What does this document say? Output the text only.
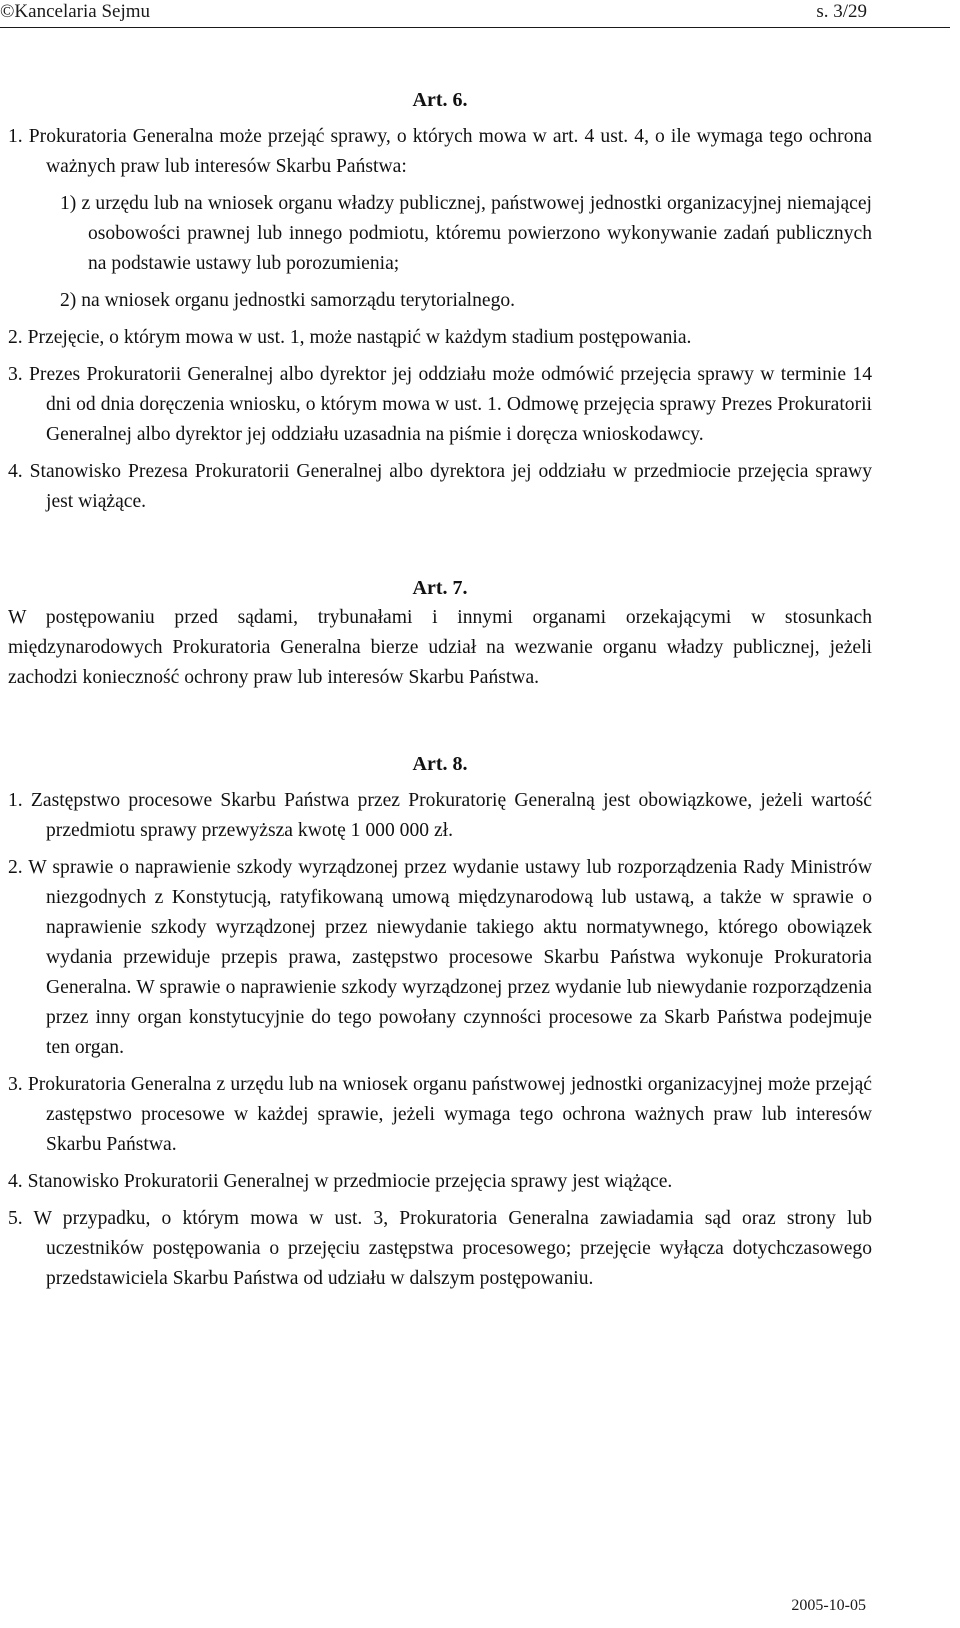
©Kancelaria Sejmu	s. 3/29

Art. 6.

1. Prokuratoria Generalna może przejąć sprawy, o których mowa w art. 4 ust. 4, o ile wymaga tego ochrona ważnych praw lub interesów Skarbu Państwa:

1) z urzędu lub na wniosek organu władzy publicznej, państwowej jednostki organizacyjnej niemającej osobowości prawnej lub innego podmiotu, któremu powierzono wykonywanie zadań publicznych na podstawie ustawy lub porozumienia;

2) na wniosek organu jednostki samorządu terytorialnego.

2. Przejęcie, o którym mowa w ust. 1, może nastąpić w każdym stadium postępowania.

3. Prezes Prokuratorii Generalnej albo dyrektor jej oddziału może odmówić przejęcia sprawy w terminie 14 dni od dnia doręczenia wniosku, o którym mowa w ust. 1. Odmowę przejęcia sprawy Prezes Prokuratorii Generalnej albo dyrektor jej oddziału uzasadnia na piśmie i doręcza wnioskodawcy.

4. Stanowisko Prezesa Prokuratorii Generalnej albo dyrektora jej oddziału w przedmiocie przejęcia sprawy jest wiążące.

Art. 7.

W postępowaniu przed sądami, trybunałami i innymi organami orzekającymi w stosunkach międzynarodowych Prokuratoria Generalna bierze udział na wezwanie organu władzy publicznej, jeżeli zachodzi konieczność ochrony praw lub interesów Skarbu Państwa.

Art. 8.

1. Zastępstwo procesowe Skarbu Państwa przez Prokuratorię Generalną jest obowiązkowe, jeżeli wartość przedmiotu sprawy przewyższa kwotę 1 000 000 zł.

2. W sprawie o naprawienie szkody wyrządzonej przez wydanie ustawy lub rozporządzenia Rady Ministrów niezgodnych z Konstytucją, ratyfikowaną umową międzynarodową lub ustawą, a także w sprawie o naprawienie szkody wyrządzonej przez niewydanie takiego aktu normatywnego, którego obowiązek wydania przewiduje przepis prawa, zastępstwo procesowe Skarbu Państwa wykonuje Prokuratoria Generalna. W sprawie o naprawienie szkody wyrządzonej przez wydanie lub niewydanie rozporządzenia przez inny organ konstytucyjnie do tego powołany czynności procesowe za Skarb Państwa podejmuje ten organ.

3. Prokuratoria Generalna z urzędu lub na wniosek organu państwowej jednostki organizacyjnej może przejąć zastępstwo procesowe w każdej sprawie, jeżeli wymaga tego ochrona ważnych praw lub interesów Skarbu Państwa.

4. Stanowisko Prokuratorii Generalnej w przedmiocie przejęcia sprawy jest wiążące.

5. W przypadku, o którym mowa w ust. 3, Prokuratoria Generalna zawiadamia sąd oraz strony lub uczestników postępowania o przejęciu zastępstwa procesowego; przejęcie wyłącza dotychczasowego przedstawiciela Skarbu Państwa od udziału w dalszym postępowaniu.

2005-10-05
